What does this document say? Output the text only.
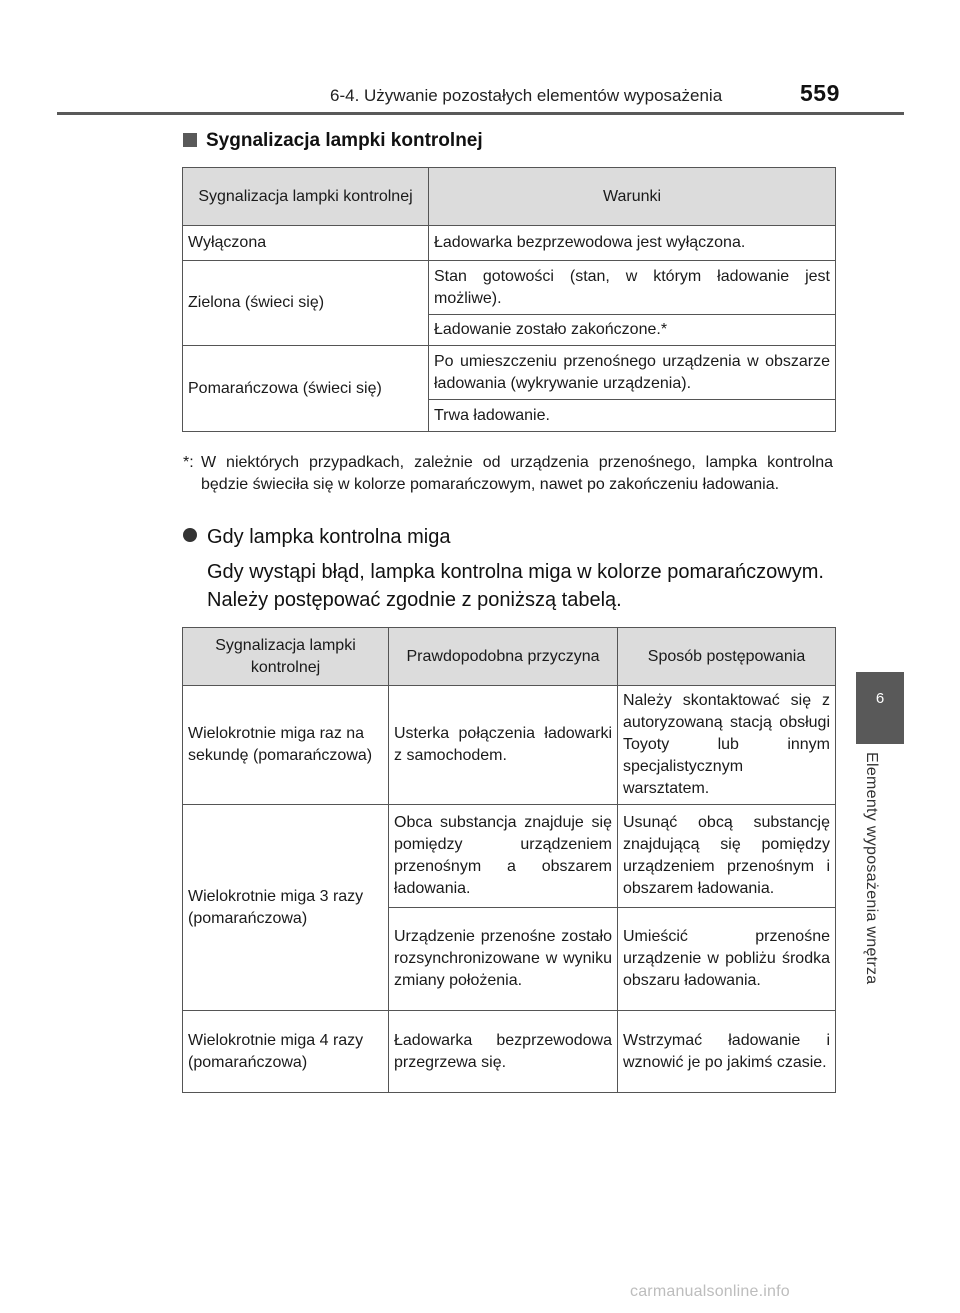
6-4. Używanie pozostałych elementów wyposażenia	559
Sygnalizacja lampki kontrolnej
Sygnalizacja lampki kontrolnej	Warunki
Wyłączona	Ładowarka bezprzewodowa jest wyłączona.
Zielona (świeci się)	Stan gotowości (stan, w którym ładowanie jest możliwe).
	Ładowanie zostało zakończone.*
Pomarańczowa (świeci się)	Po umieszczeniu przenośnego urządzenia w obszarze ładowania (wykrywanie urządzenia).
	Trwa ładowanie.
*: W niektórych przypadkach, zależnie od urządzenia przenośnego, lampka kontrolna będzie świeciła się w kolorze pomarańczowym, nawet po zakończeniu ładowania.
Gdy lampka kontrolna miga
Gdy wystąpi błąd, lampka kontrolna miga w kolorze pomarańczowym. Należy postępować zgodnie z poniższą tabelą.
Sygnalizacja lampki kontrolnej	Prawdopodobna przyczyna	Sposób postępowania
Wielokrotnie miga raz na sekundę (pomarańczowa)	Usterka połączenia ładowarki z samochodem.	Należy skontaktować się z autoryzowaną stacją obsługi Toyoty lub innym specjalistycznym warsztatem.
Wielokrotnie miga 3 razy (pomarańczowa)	Obca substancja znajduje się pomiędzy urządzeniem przenośnym a obszarem ładowania.	Usunąć obcą substancję znajdującą się pomiędzy urządzeniem przenośnym i obszarem ładowania.
	Urządzenie przenośne zostało rozsynchronizowane w wyniku zmiany położenia.	Umieścić przenośne urządzenie w pobliżu środka obszaru ładowania.
Wielokrotnie miga 4 razy (pomarańczowa)	Ładowarka bezprzewodowa przegrzewa się.	Wstrzymać ładowanie i wznowić je po jakimś czasie.
6
Elementy wyposażenia wnętrza
carmanualsonline.info
